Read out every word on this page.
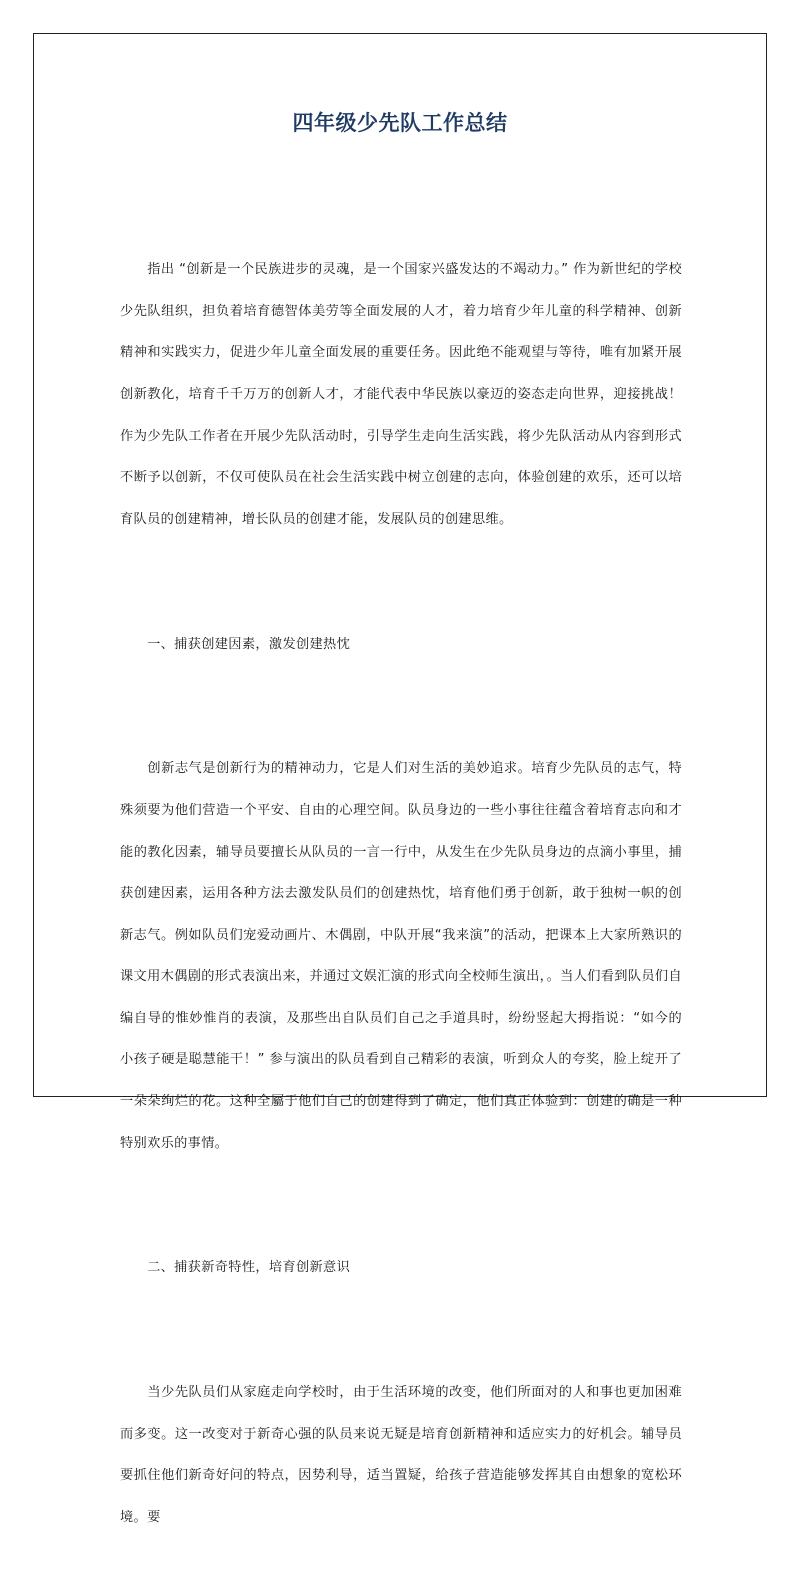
四年级少先队工作总结

　　指出 “创新是一个民族进步的灵魂，是一个国家兴盛发达的不竭动力。” 作为新世纪的学校少先队组织，担负着培育德智体美劳等全面发展的人才，着力培育少年儿童的科学精神、创新精神和实践实力，促进少年儿童全面发展的重要任务。因此绝不能观望与等待，唯有加紧开展创新教化，培育千千万万的创新人才，才能代表中华民族以豪迈的姿态走向世界，迎接挑战！作为少先队工作者在开展少先队活动时，引导学生走向生活实践，将少先队活动从内容到形式不断予以创新，不仅可使队员在社会生活实践中树立创建的志向，体验创建的欢乐，还可以培育队员的创建精神，增长队员的创建才能，发展队员的创建思维。

　　一、捕获创建因素，激发创建热忱

　　创新志气是创新行为的精神动力，它是人们对生活的美妙追求。培育少先队员的志气，特殊须要为他们营造一个平安、自由的心理空间。队员身边的一些小事往往蕴含着培育志向和才能的教化因素，辅导员要擅长从队员的一言一行中，从发生在少先队员身边的点滴小事里，捕获创建因素，运用各种方法去激发队员们的创建热忱，培育他们勇于创新，敢于独树一帜的创新志气。例如队员们宠爱动画片、木偶剧，中队开展“我来演”的活动，把课本上大家所熟识的课文用木偶剧的形式表演出来，并通过文娱汇演的形式向全校师生演出，。当人们看到队员们自编自导的惟妙惟肖的表演，及那些出自队员们自己之手道具时，纷纷竖起大拇指说：“如今的小孩子硬是聪慧能干！” 参与演出的队员看到自己精彩的表演，听到众人的夸奖，脸上绽开了一朵朵绚烂的花。这种全屬于他们自己的创建得到了确定，他们真正体验到：创建的确是一种特别欢乐的事情。

　　二、捕获新奇特性，培育创新意识

　　当少先队员们从家庭走向学校时，由于生活环境的改变，他们所面对的人和事也更加困难而多变。这一改变对于新奇心强的队员来说无疑是培育创新精神和适应实力的好机会。辅导员要抓住他们新奇好问的特点，因势利导，适当置疑，给孩子营造能够发挥其自由想象的宽松环境。要
